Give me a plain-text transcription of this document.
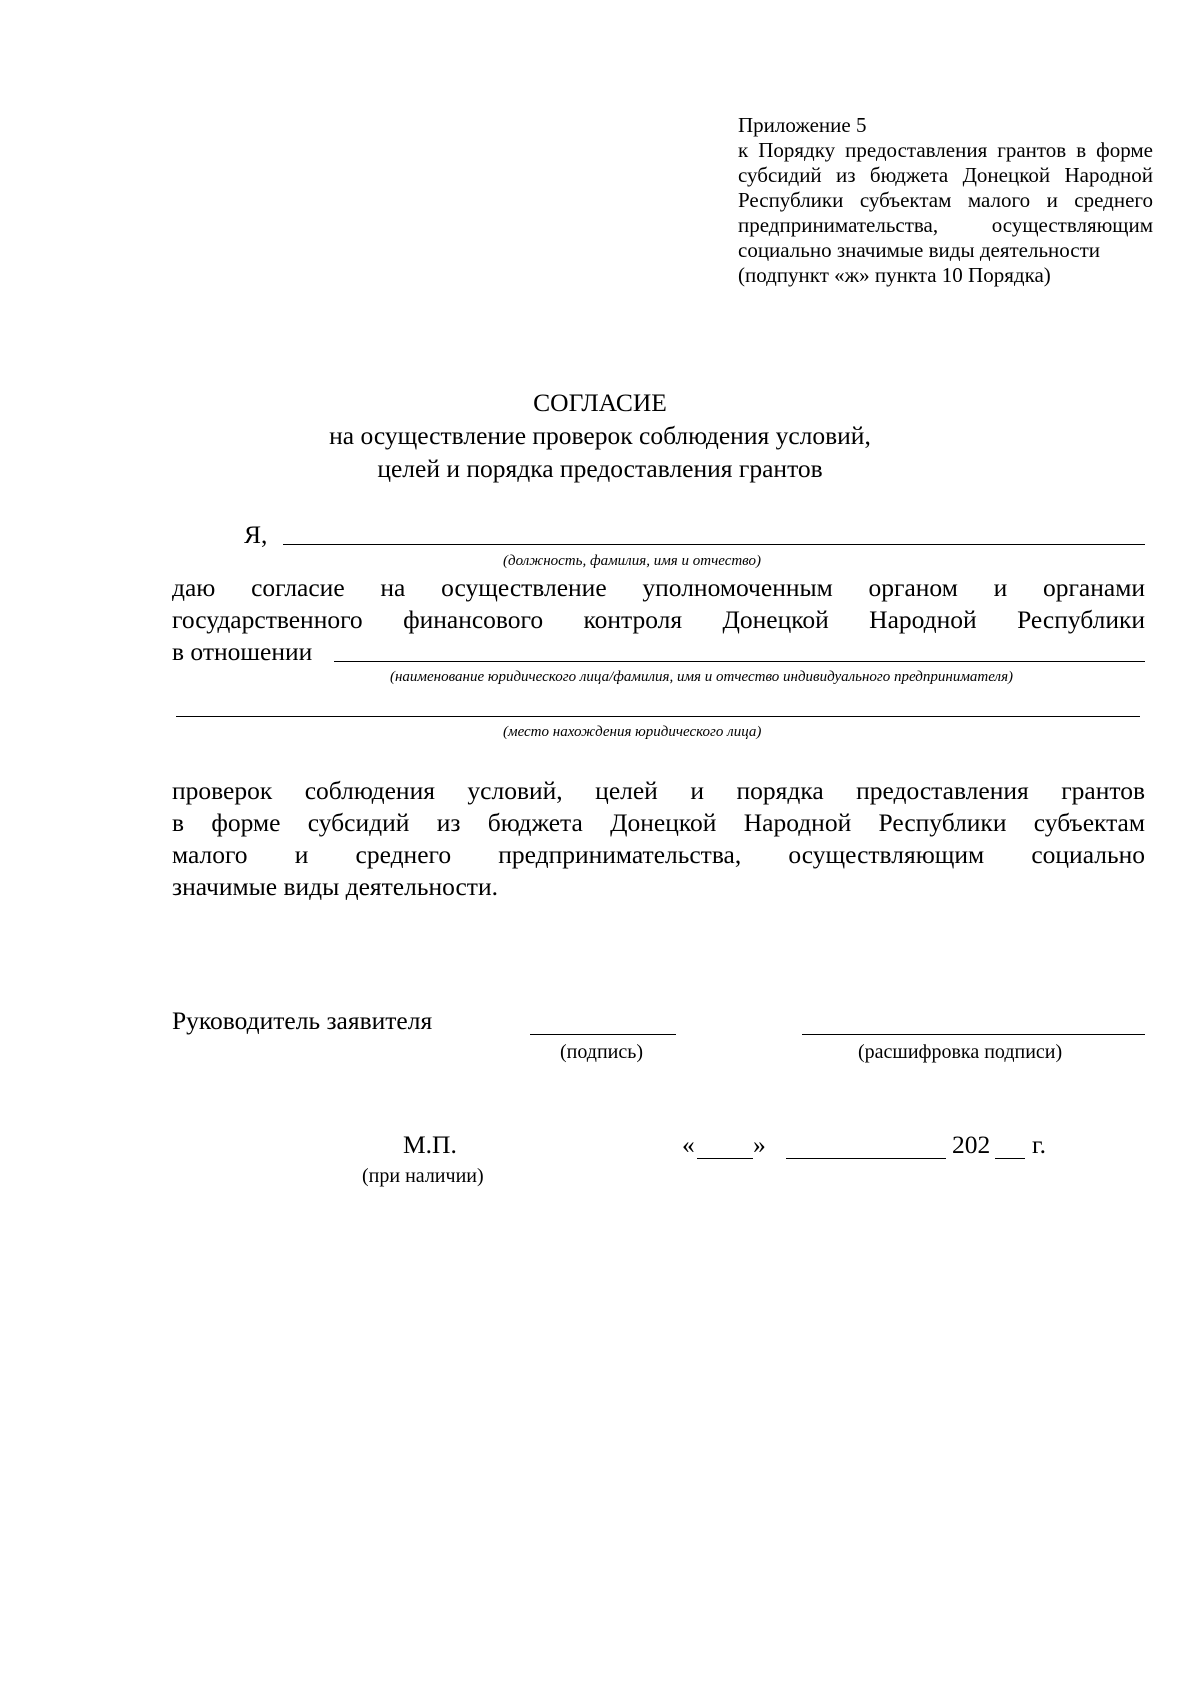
Приложение 5
к Порядку предоставления грантов в форме
субсидий из бюджета Донецкой Народной
Республики субъектам малого и среднего
предпринимательства, осуществляющим
социально значимые виды деятельности
(подпункт «ж» пункта 10 Порядка)
СОГЛАСИЕ
на осуществление проверок соблюдения условий,
целей и порядка предоставления грантов
Я,
(должность, фамилия, имя и отчество)
даю согласие на осуществление уполномоченным органом и органами
государственного финансового контроля Донецкой Народной Республики
в отношении
(наименование юридического лица/фамилия, имя и отчество индивидуального предпринимателя)
(место нахождения юридического лица)
проверок соблюдения условий, целей и порядка предоставления грантов
в форме субсидий из бюджета Донецкой Народной Республики субъектам
малого и среднего предпринимательства, осуществляющим социально
значимые виды деятельности.
Руководитель заявителя
(подпись)	(расшифровка подписи)
М.П.
(при наличии)
« »	202 г.
